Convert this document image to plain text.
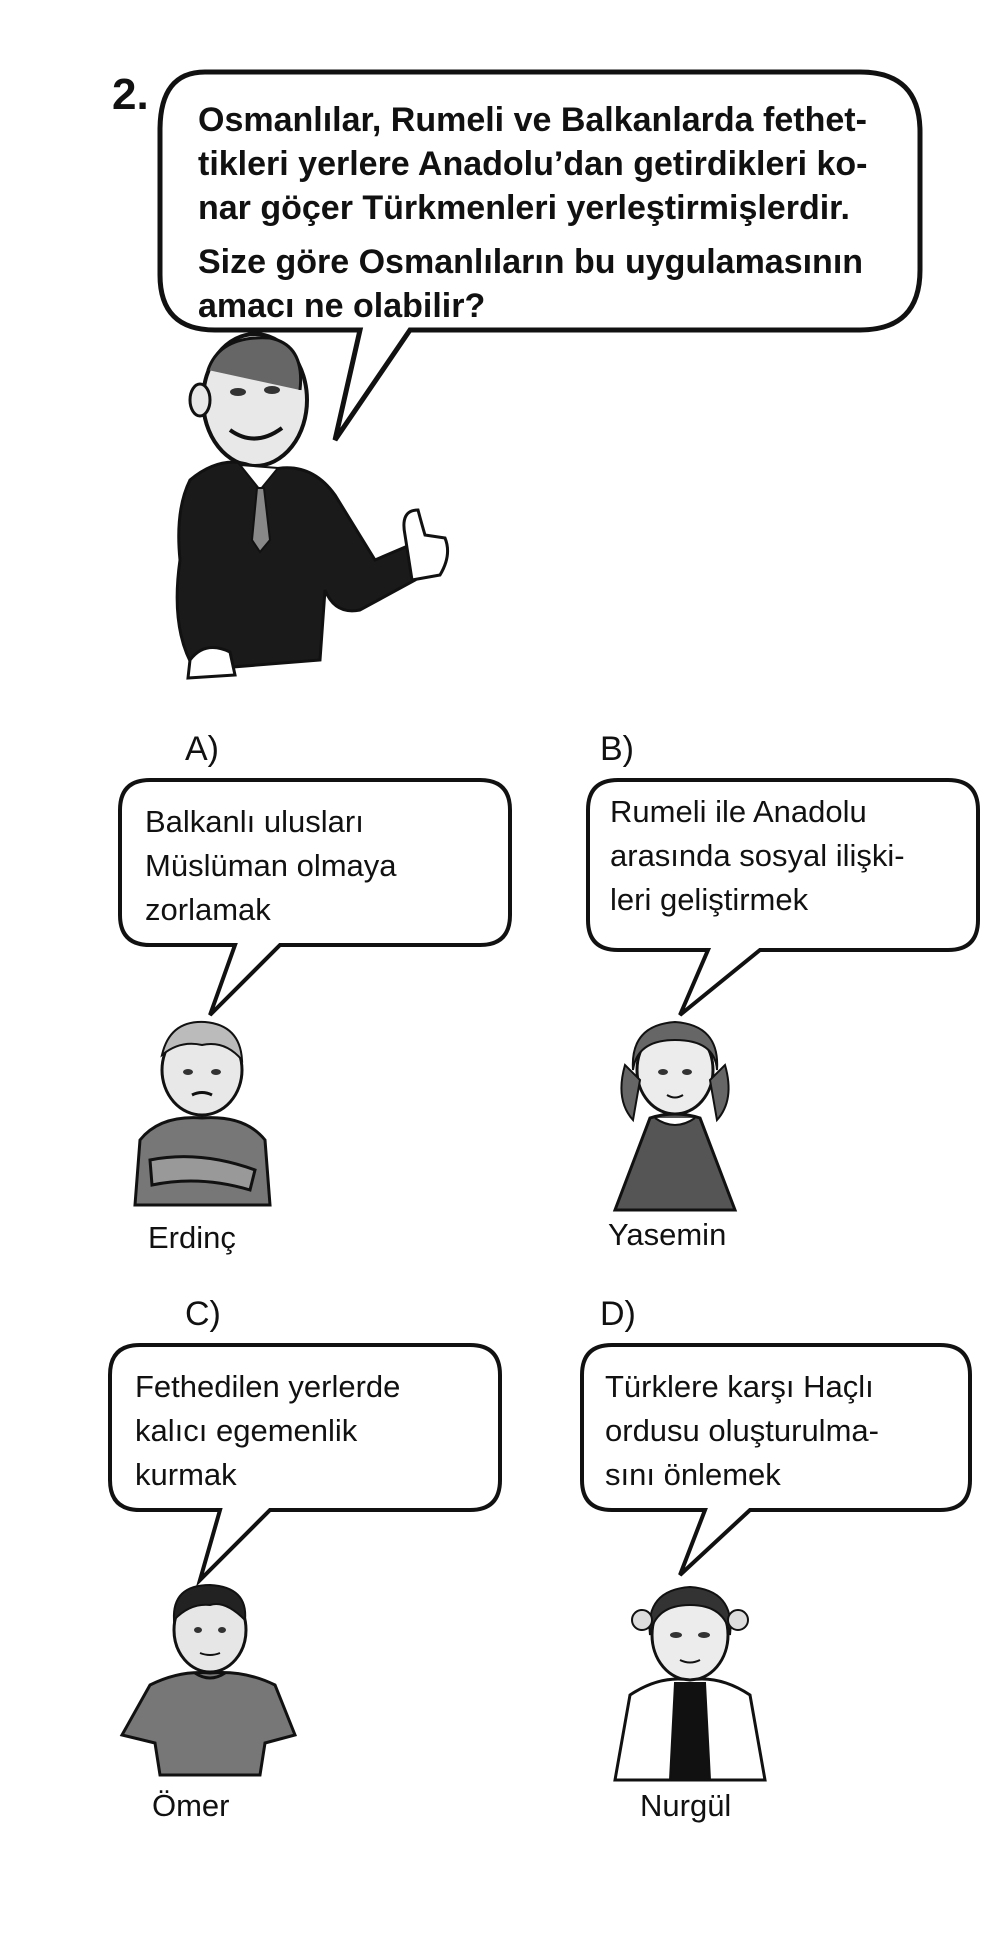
2.
Osmanlılar, Rumeli ve Balkanlarda fethet-
tikleri yerlere Anadolu’dan getirdikleri ko-
nar göçer Türkmenleri yerleştirmişlerdir.
Size göre Osmanlıların bu uygulamasının
amacı ne olabilir?
A)	B)
C)	D)

Balkanlı ulusları

Müslüman olmaya

zorlamak

Rumeli ile Anadolu

arasında sosyal ilişki-

leri geliştirmek

Fethedilen yerlerde

kalıcı egemenlik

kurmak

Türklere karşı Haçlı

ordusu oluşturulma-

sını önlemek

Erdinç	Yasemin
Ömer	Nurgül
